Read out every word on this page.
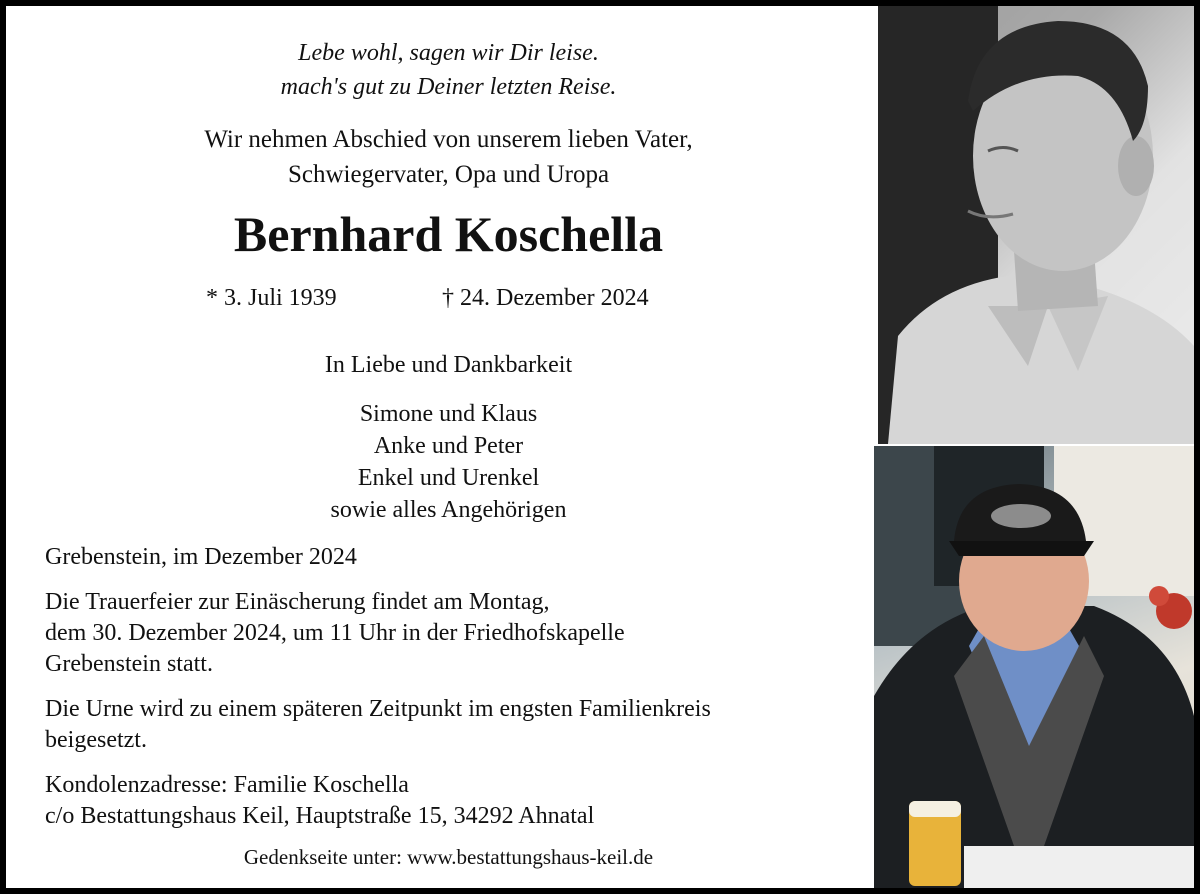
Lebe wohl, sagen wir Dir leise.
mach's gut zu Deiner letzten Reise.
Wir nehmen Abschied von unserem lieben Vater,
Schwiegervater, Opa und Uropa
Bernhard Koschella
* 3. Juli 1939	† 24. Dezember 2024
In Liebe und Dankbarkeit
Simone und Klaus
Anke und Peter
Enkel und Urenkel
sowie alles Angehörigen
Grebenstein, im Dezember 2024
Die Trauerfeier zur Einäscherung findet am Montag,
dem 30. Dezember 2024, um 11 Uhr in der Friedhofskapelle
Grebenstein statt.
Die Urne wird zu einem späteren Zeitpunkt im engsten Familienkreis
beigesetzt.
Kondolenzadresse: Familie Koschella
c/o Bestattungshaus Keil, Hauptstraße 15, 34292 Ahnatal
Gedenkseite unter: www.bestattungshaus-keil.de
